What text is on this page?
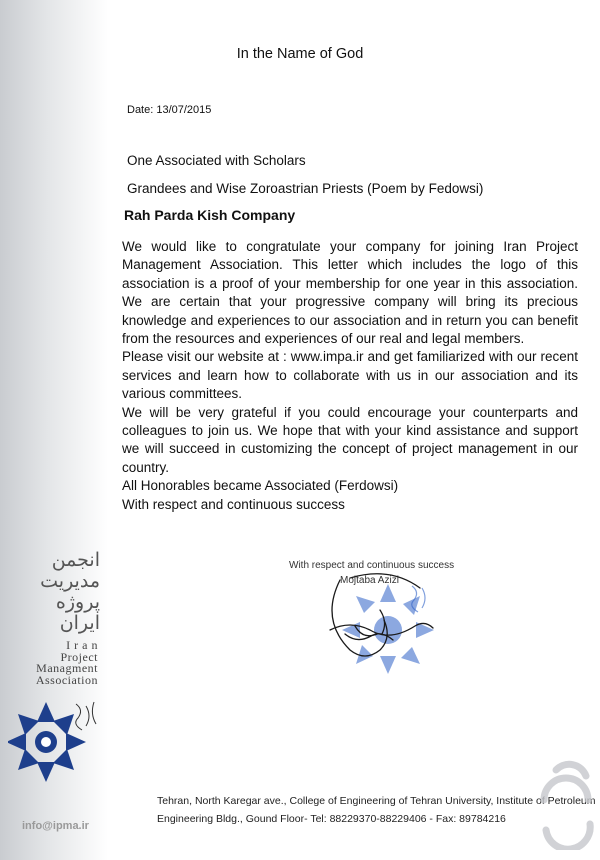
In the Name of God
Date: 13/07/2015
One Associated with Scholars
Grandees and Wise Zoroastrian Priests (Poem by Fedowsi)
Rah Parda Kish Company

We would like to congratulate your company for joining Iran Project Management Association. This letter which includes the logo of this association is a proof of your membership for one year in this association. We are certain that your progressive company will bring its precious knowledge and experiences to our association and in return you can benefit from the resources and experiences of our real and legal members.

Please visit our website at : www.impa.ir and get familiarized with our recent services and learn how to collaborate with us in our association and its various committees.

We will be very grateful if you could encourage your counterparts and colleagues to join us. We hope that with your kind assistance and support we will succeed in customizing the concept of project management in our country.

All Honorables became Associated (Ferdowsi)

With respect and continuous success

With respect and continuous success
Mojtaba Azizi
انجمن
مدیریت
پروژه
ایران
I r a n
Project
Managment
Association
info@ipma.ir
Tehran, North Karegar ave., College of Engineering of Tehran University, Institute of Petroleum
Engineering Bldg., Gound Floor- Tel: 88229370-88229406 - Fax: 89784216
